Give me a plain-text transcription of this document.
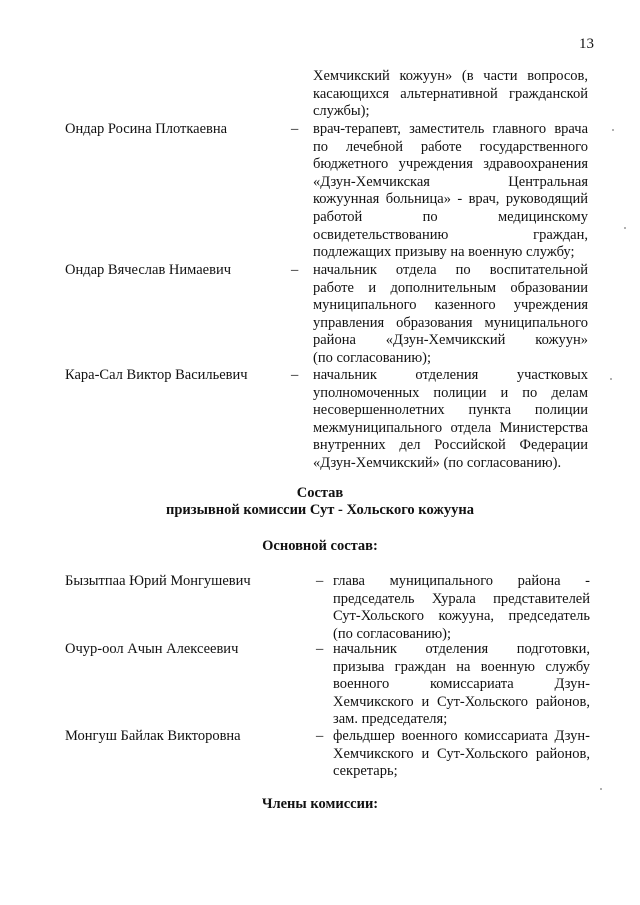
13
Хемчикский кожуун» (в части вопросов,
касающихся альтернативной гражданской
службы);
Ондар Росина Плоткаевна	– врач-терапевт, заместитель главного врача
по лечебной работе государственного
бюджетного учреждения здравоохранения
«Дзун-Хемчикская Центральная
кожуунная больница» - врач, руководящий
работой по медицинскому
освидетельствованию граждан,
подлежащих призыву на военную службу;
Ондар Вячеслав Нимаевич	– начальник отдела по воспитательной
работе и дополнительным образовании
муниципального казенного учреждения
управления образования муниципального
района «Дзун-Хемчикский кожуун»
(по согласованию);
Кара-Сал Виктор Васильевич	– начальник отделения участковых
уполномоченных полиции и по делам
несовершеннолетних пункта полиции
межмуниципального отдела Министерства
внутренних дел Российской Федерации
«Дзун-Хемчикский» (по согласованию).
Состав
призывной комиссии Сут - Хольского кожууна
Основной состав:
Бызытпаа Юрий Монгушевич	– глава муниципального района -
председатель Хурала представителей
Сут-Хольского кожууна, председатель
(по согласованию);
Очур-оол Ачын Алексеевич	– начальник отделения подготовки,
призыва граждан на военную службу
военного комиссариата Дзун-
Хемчикского и Сут-Хольского районов,
зам. председателя;
Монгуш Байлак Викторовна	– фельдшер военного комиссариата Дзун-
Хемчикского и Сут-Хольского районов,
секретарь;
Члены комиссии:
